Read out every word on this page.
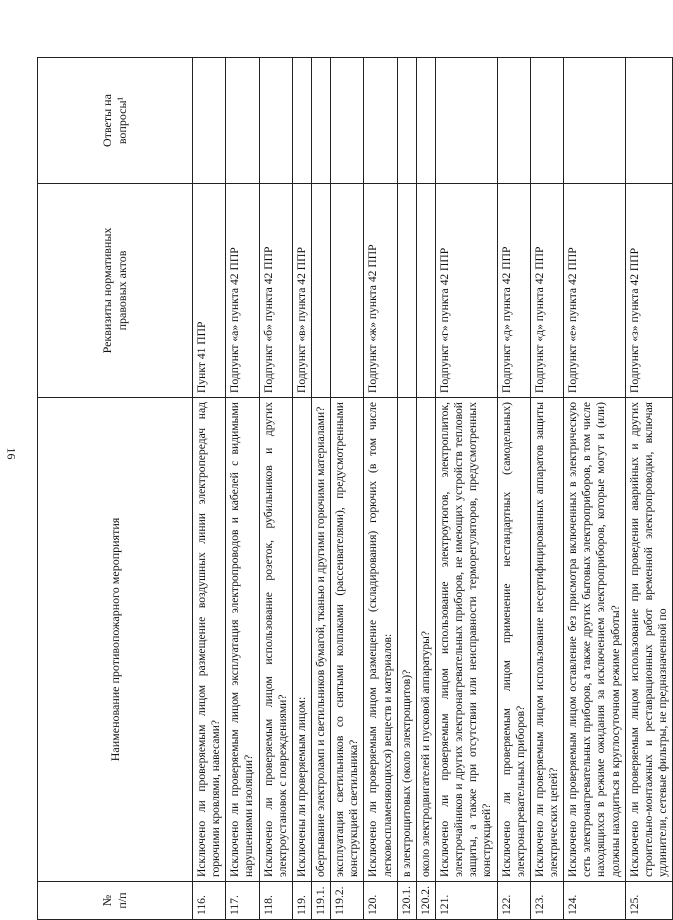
16
№ п/п	Наименование противопожарного мероприятия	Реквизиты нормативных правовых актов	Ответы на вопросы¹

116.	Исключено ли проверяемым лицом размещение воздушных линии электропередач над горючими кровлями, навесами?	Пункт 41 ППР	
117.	Исключено ли проверяемым лицом эксплуатация электропроводов и кабелей с видимыми нарушениями изоляции?	Подпункт «а» пункта 42 ППР	
118.	Исключено ли проверяемым лицом использование розеток, рубильников и других электроустановок с повреждениями?	Подпункт «б» пункта 42 ППР	
119.	Исключены ли проверяемым лицом:	Подпункт «в» пункта 42 ППР	
119.1.	обертывание электроламп и светильников бумагой, тканью и другими горючими материалами?		
119.2.	эксплуатация светильников со снятыми колпаками (рассеивателями), предусмотренными конструкцией светильника?		
120.	Исключено ли проверяемым лицом размещение (складирования) горючих (в том числе легковоспламеняющихся) веществ и материалов:	Подпункт «ж» пункта 42 ППР	
120.1.	в электрощитовых (около электрощитов)?		
120.2.	около электродвигателей и пусковой аппаратуры?		
121.	Исключено ли проверяемым лицом использование электроутюгов, электроплиток, электрочайников и других электронагревательных приборов, не имеющих устройств тепловой защиты, а также при отсутствии или неисправности терморегуляторов, предусмотренных конструкцией?	Подпункт «г» пункта 42 ППР	
122.	Исключено ли проверяемым лицом применение нестандартных (самодельных) электронагревательных приборов?	Подпункт «д» пункта 42 ППР	
123.	Исключено ли проверяемым лицом использование несертифицированных аппаратов защиты электрических цепей?	Подпункт «д» пункта 42 ППР	
124.	Исключено ли проверяемым лицом оставление без присмотра включенных в электрическую сеть электронагревательных приборов, а также других бытовых электроприборов, в том числе находящихся в режиме ожидания за исключением электроприборов, которые могут и (или) должны находиться в круглосуточном режиме работы?	Подпункт «е» пункта 42 ППР	
125.	Исключено ли проверяемым лицом использование при проведении аварийных и других строительно-монтажных и реставрационных работ временной электропроводки, включая удлинители, сетевые фильтры, не предназначенной по	Подпункт «з» пункта 42 ППР	
